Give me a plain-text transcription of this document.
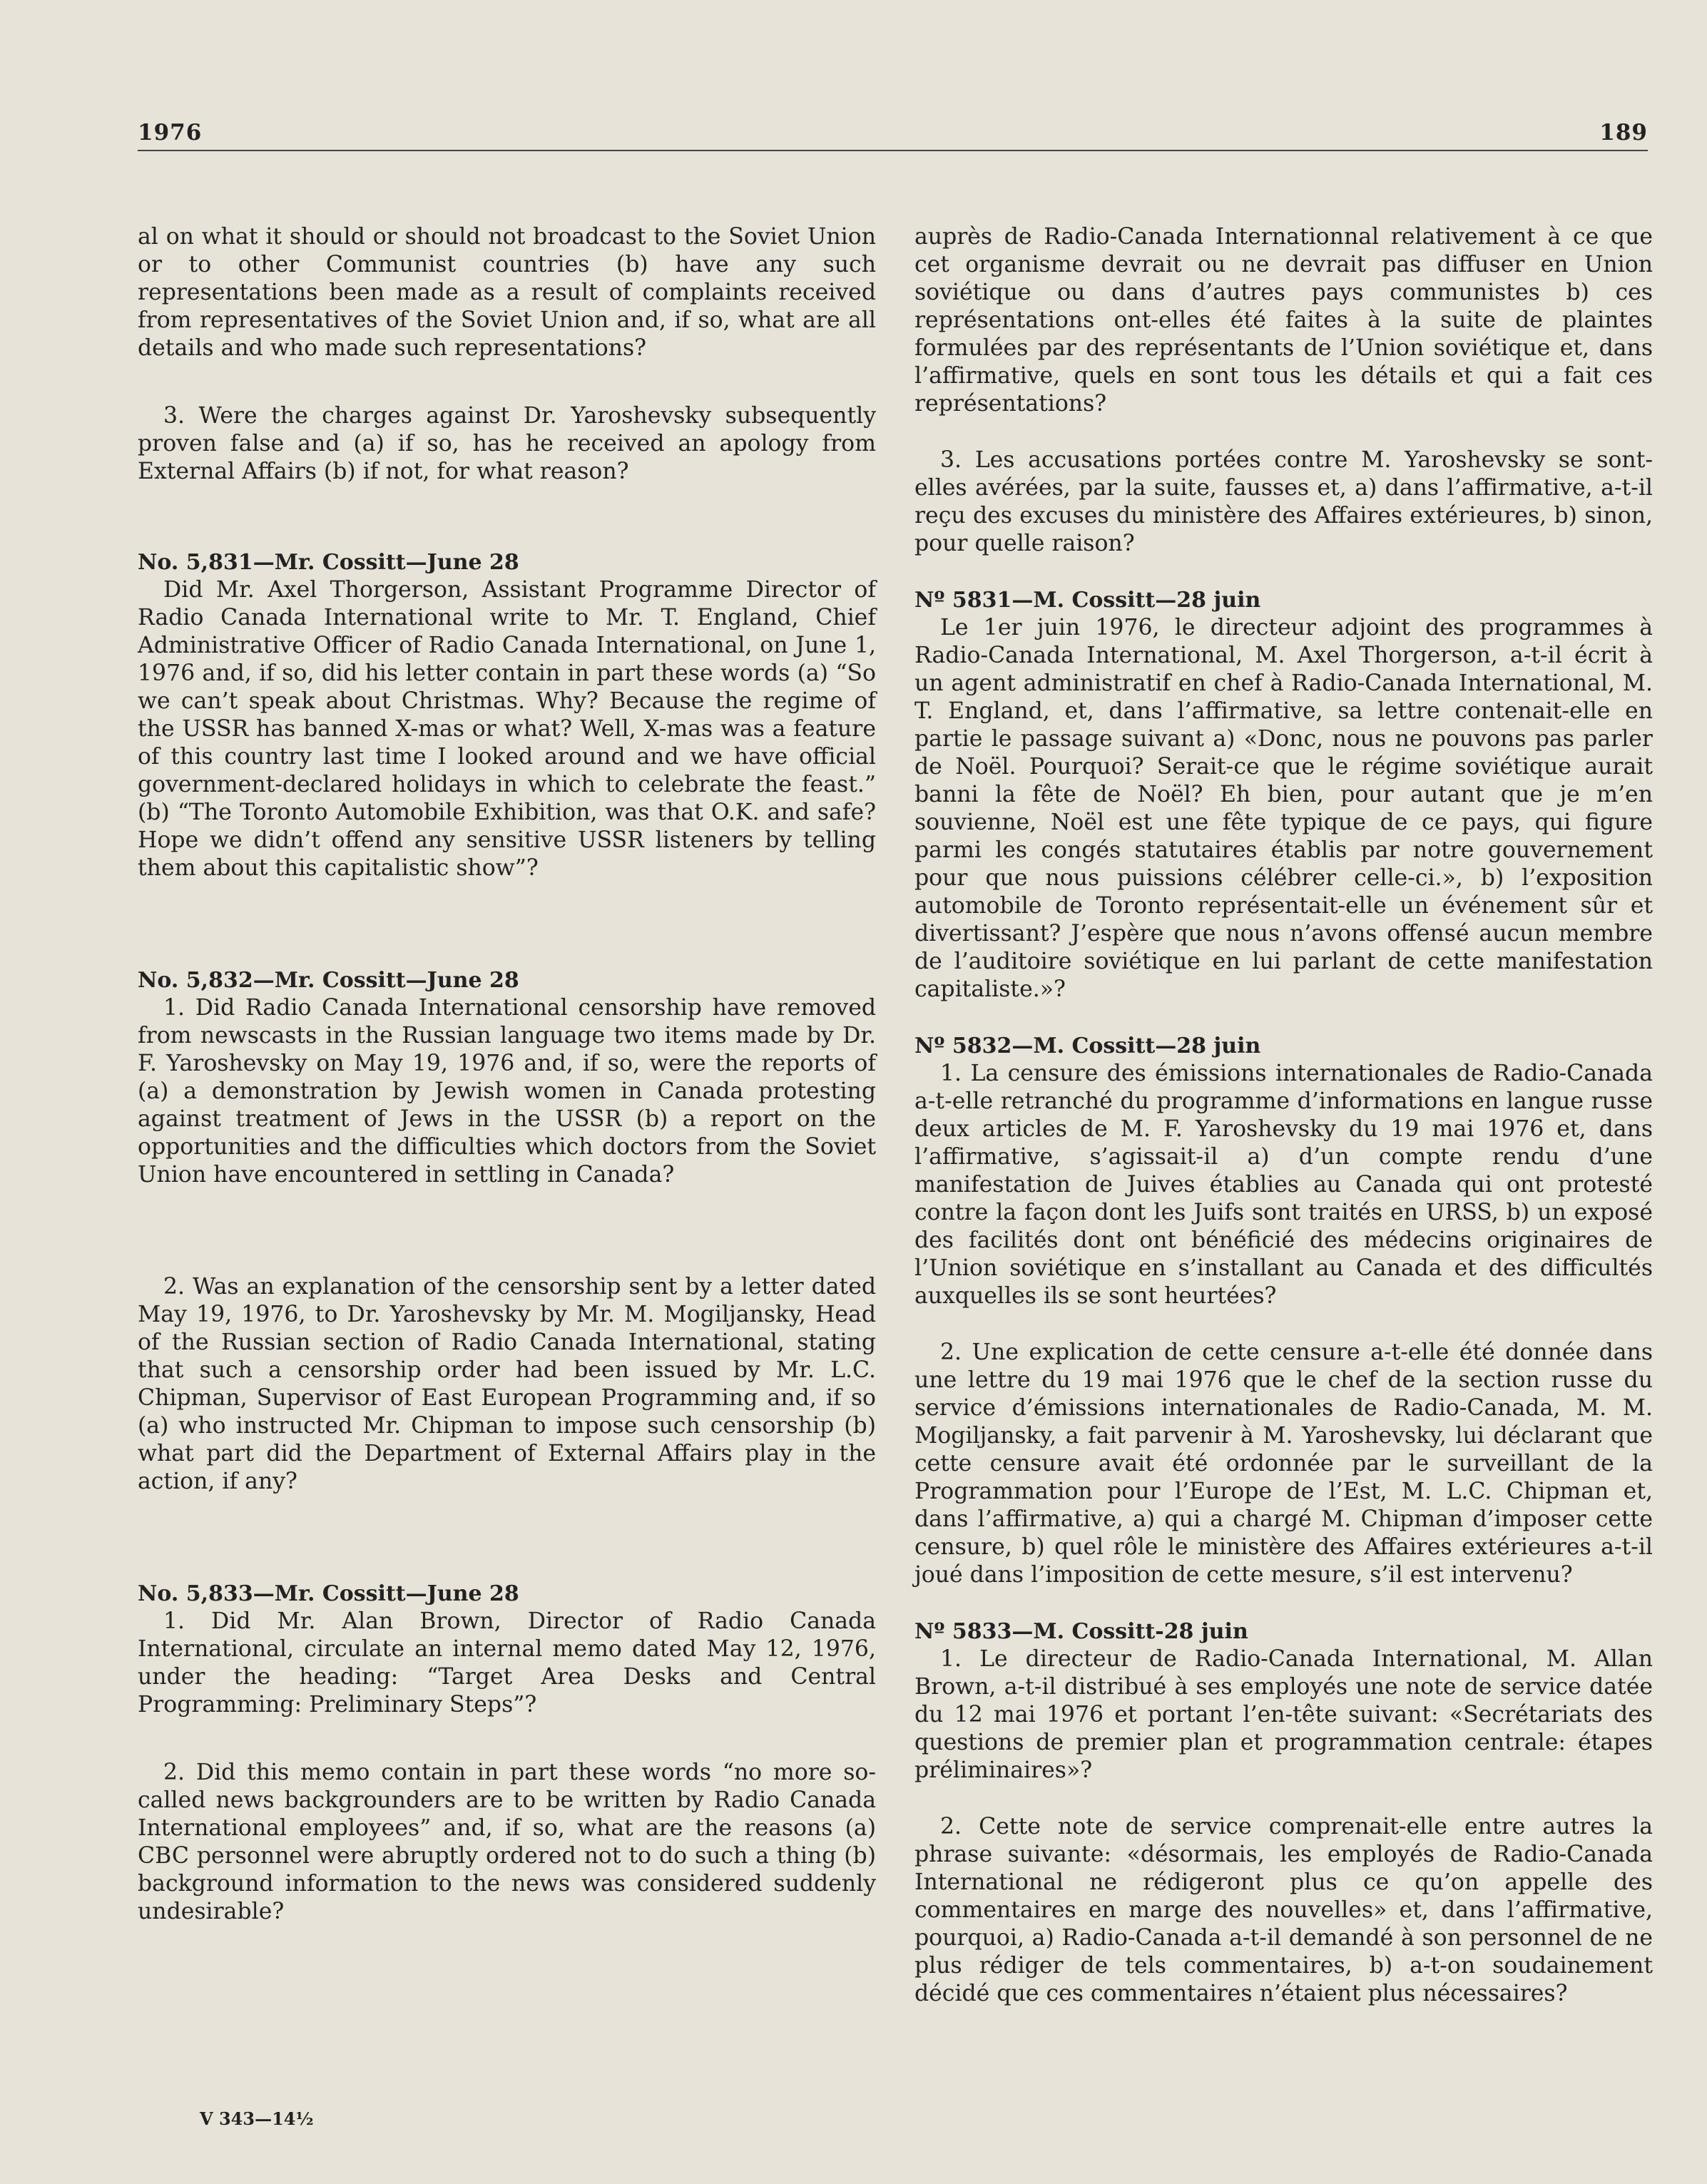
1976	189

al on what it should or should not broadcast to the Soviet Union or to other Communist countries (b) have any such representations been made as a result of complaints received from representatives of the Soviet Union and, if so, what are all details and who made such representations?

3. Were the charges against Dr. Yaroshevsky subsequently proven false and (a) if so, has he received an apology from External Affairs (b) if not, for what reason?

No. 5,831—Mr. Cossitt—June 28

Did Mr. Axel Thorgerson, Assistant Programme Director of Radio Canada International write to Mr. T. England, Chief Administrative Officer of Radio Canada International, on June 1, 1976 and, if so, did his letter contain in part these words (a) “So we can’t speak about Christmas. Why? Because the regime of the USSR has banned X-mas or what? Well, X-mas was a feature of this country last time I looked around and we have official government-declared holidays in which to celebrate the feast.” (b) “The Toronto Automobile Exhibition, was that O.K. and safe? Hope we didn’t offend any sensitive USSR listeners by telling them about this capitalistic show”?

No. 5,832—Mr. Cossitt—June 28

1. Did Radio Canada International censorship have removed from newscasts in the Russian language two items made by Dr. F. Yaroshevsky on May 19, 1976 and, if so, were the reports of (a) a demonstration by Jewish women in Canada protesting against treatment of Jews in the USSR (b) a report on the opportunities and the difficulties which doctors from the Soviet Union have encountered in settling in Canada?

2. Was an explanation of the censorship sent by a letter dated May 19, 1976, to Dr. Yaroshevsky by Mr. M. Mogiljansky, Head of the Russian section of Radio Canada International, stating that such a censorship order had been issued by Mr. L.C. Chipman, Supervisor of East European Programming and, if so (a) who instructed Mr. Chipman to impose such censorship (b) what part did the Department of External Affairs play in the action, if any?

No. 5,833—Mr. Cossitt—June 28

1. Did Mr. Alan Brown, Director of Radio Canada International, circulate an internal memo dated May 12, 1976, under the heading: “Target Area Desks and Central Programming: Preliminary Steps”?

2. Did this memo contain in part these words “no more so-called news backgrounders are to be written by Radio Canada International employees” and, if so, what are the reasons (a) CBC personnel were abruptly ordered not to do such a thing (b) background information to the news was considered suddenly undesirable?

auprès de Radio-Canada Internationnal relativement à ce que cet organisme devrait ou ne devrait pas diffuser en Union soviétique ou dans d’autres pays communistes b) ces représentations ont-elles été faites à la suite de plaintes formulées par des représentants de l’Union soviétique et, dans l’affirmative, quels en sont tous les détails et qui a fait ces représentations?

3. Les accusations portées contre M. Yaroshevsky se sont-elles avérées, par la suite, fausses et, a) dans l’affirmative, a-t-il reçu des excuses du ministère des Affaires extérieures, b) sinon, pour quelle raison?

Nº 5831—M. Cossitt—28 juin

Le 1er juin 1976, le directeur adjoint des programmes à Radio-Canada International, M. Axel Thorgerson, a-t-il écrit à un agent administratif en chef à Radio-Canada International, M. T. England, et, dans l’affirmative, sa lettre contenait-elle en partie le passage suivant a) «Donc, nous ne pouvons pas parler de Noël. Pourquoi? Serait-ce que le régime soviétique aurait banni la fête de Noël? Eh bien, pour autant que je m’en souvienne, Noël est une fête typique de ce pays, qui figure parmi les congés statutaires établis par notre gouvernement pour que nous puissions célébrer celle-ci.», b) l’exposition automobile de Toronto représentait-elle un événement sûr et divertissant? J’espère que nous n’avons offensé aucun membre de l’auditoire soviétique en lui parlant de cette manifestation capitaliste.»?

Nº 5832—M. Cossitt—28 juin

1. La censure des émissions internationales de Radio-Canada a-t-elle retranché du programme d’informations en langue russe deux articles de M. F. Yaroshevsky du 19 mai 1976 et, dans l’affirmative, s’agissait-il a) d’un compte rendu d’une manifestation de Juives établies au Canada qui ont protesté contre la façon dont les Juifs sont traités en URSS, b) un exposé des facilités dont ont bénéficié des médecins originaires de l’Union soviétique en s’installant au Canada et des difficultés auxquelles ils se sont heurtées?

2. Une explication de cette censure a-t-elle été donnée dans une lettre du 19 mai 1976 que le chef de la section russe du service d’émissions internationales de Radio-Canada, M. M. Mogiljansky, a fait parvenir à M. Yaroshevsky, lui déclarant que cette censure avait été ordonnée par le surveillant de la Programmation pour l’Europe de l’Est, M. L.C. Chipman et, dans l’affirmative, a) qui a chargé M. Chipman d’imposer cette censure, b) quel rôle le ministère des Affaires extérieures a-t-il joué dans l’imposition de cette mesure, s’il est intervenu?

Nº 5833—M. Cossitt-28 juin

1. Le directeur de Radio-Canada International, M. Allan Brown, a-t-il distribué à ses employés une note de service datée du 12 mai 1976 et portant l’en-tête suivant: «Secrétariats des questions de premier plan et programmation centrale: étapes préliminaires»?

2. Cette note de service comprenait-elle entre autres la phrase suivante: «désormais, les employés de Radio-Canada International ne rédigeront plus ce qu’on appelle des commentaires en marge des nouvelles» et, dans l’affirmative, pourquoi, a) Radio-Canada a-t-il demandé à son personnel de ne plus rédiger de tels commentaires, b) a-t-on soudainement décidé que ces commentaires n’étaient plus nécessaires?

V 343—14½
